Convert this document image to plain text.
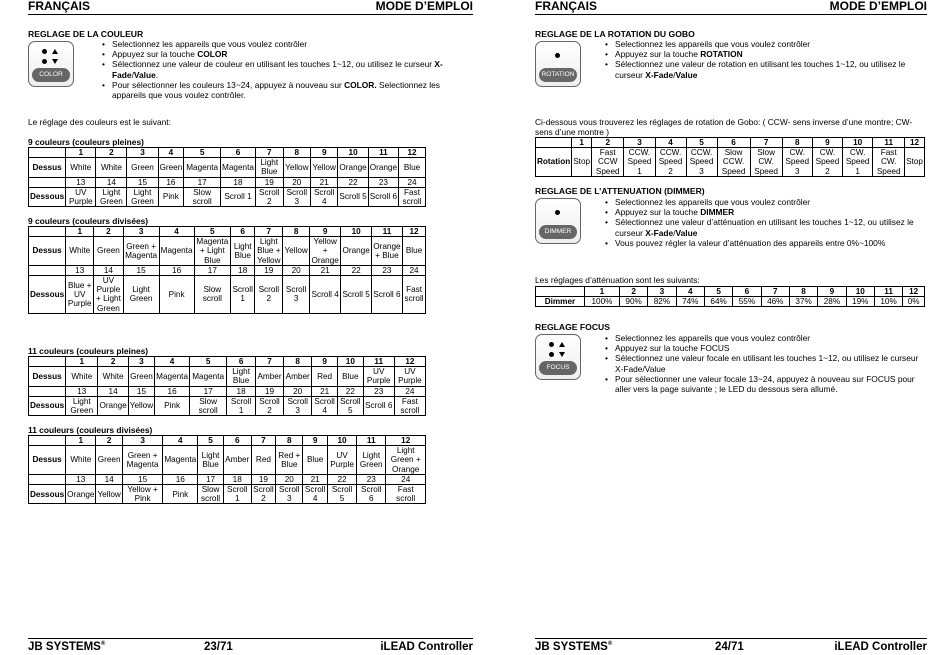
FRANÇAIS	MODE D’EMPLOI
REGLAGE DE LA COULEUR
COLOR
• Selectionnez les appareils que vous voulez contrôler
• Appuyez sur la touche COLOR
• Sélectionnez une valeur de couleur en utilisant les touches 1~12, ou utilisez le curseur X-Fade/Value.
• Pour sélectionner les couleurs 13~24, appuyez à nouveau sur COLOR. Selectionnez les appareils que vous voulez contrôler.
Le réglage des couleurs est le suivant:
9 couleurs (couleurs pleines)
	1	2	3	4	5	6	7	8	9	10	11	12
Dessus	White	White	Green	Green	Magenta	Magenta	Light Blue	Yellow	Yellow	Orange	Orange	Blue
	13	14	15	16	17	18	19	20	21	22	23	24
Dessous	UV Purple	Light Green	Light Green	Pink	Slow scroll	Scroll 1	Scroll 2	Scroll 3	Scroll 4	Scroll 5	Scroll 6	Fast scroll
9 couleurs (couleurs divisées)
	1	2	3	4	5	6	7	8	9	10	11	12
Dessus	White	Green	Green + Magenta	Magenta	Magenta + Light Blue	Light Blue	Light Blue + Yellow	Yellow	Yellow + Orange	Orange	Orange + Blue	Blue
	13	14	15	16	17	18	19	20	21	22	23	24
Dessous	Blue + UV Purple	UV Purple + Light Green	Light Green	Pink	Slow scroll	Scroll 1	Scroll 2	Scroll 3	Scroll 4	Scroll 5	Scroll 6	Fast scroll
11 couleurs (couleurs pleines)
	1	2	3	4	5	6	7	8	9	10	11	12
Dessus	White	White	Green	Magenta	Magenta	Light Blue	Amber	Amber	Red	Blue	UV Purple	UV Purple
	13	14	15	16	17	18	19	20	21	22	23	24
Dessous	Light Green	Orange	Yellow	Pink	Slow scroll	Scroll 1	Scroll 2	Scroll 3	Scroll 4	Scroll 5	Scroll 6	Fast scroll
11 couleurs (couleurs divisées)
	1	2	3	4	5	6	7	8	9	10	11	12
Dessus	White	Green	Green + Magenta	Magenta	Light Blue	Amber	Red	Red + Blue	Blue	UV Purple	Light Green	Light Green + Orange
	13	14	15	16	17	18	19	20	21	22	23	24
Dessous	Orange	Yellow	Yellow + Pink	Pink	Slow scroll	Scroll 1	Scroll 2	Scroll 3	Scroll 4	Scroll 5	Scroll 6	Fast scroll
JB SYSTEMS®	23/71	iLEAD Controller
FRANÇAIS	MODE D’EMPLOI
REGLAGE DE LA ROTATION DU GOBO
ROTATION
• Selectionnez les appareils que vous voulez contrôler
• Appuyez sur la touche ROTATION
• Sélectionnez une valeur de rotation en utilisant les touches 1~12, ou utilisez le curseur X-Fade/Value
Ci-dessous vous trouverez les réglages de rotation de Gobo: ( CCW- sens inverse d’une montre; CW- sens d’une montre )
	1	2	3	4	5	6	7	8	9	10	11	12
Rotation	Stop	Fast CCW Speed	CCW. Speed 1	CCW. Speed 2	CCW. Speed 3	Slow CCW. Speed	Slow CW. Speed	CW. Speed 3	CW. Speed 2	CW. Speed 1	Fast CW. Speed	Stop
REGLAGE DE L’ATTENUATION (DIMMER)
DIMMER
• Selectionnez les appareils que vous voulez contrôler
• Appuyez sur la touche DIMMER
• Sélectionnez une valeur d’atténuation en utilisant les touches 1~12, ou utilisez le curseur X-Fade/Value
• Vous pouvez régler la valeur d’atténuation des appareils entre 0%~100%
Les réglages d’atténuation sont les suivants:
	1	2	3	4	5	6	7	8	9	10	11	12
Dimmer	100%	90%	82%	74%	64%	55%	46%	37%	28%	19%	10%	0%
REGLAGE FOCUS
FOCUS
• Selectionnez les appareils que vous voulez contrôler
• Appuyez sur la touche FOCUS
• Sélectionnez une valeur focale en utilisant les touches 1~12, ou utilisez le curseur X-Fade/Value
• Pour sélectionner une valeur focale 13~24, appuyez à nouveau sur FOCUS pour aller vers la page suivante ; le LED du dessous sera allumé.
JB SYSTEMS®	24/71	iLEAD Controller
